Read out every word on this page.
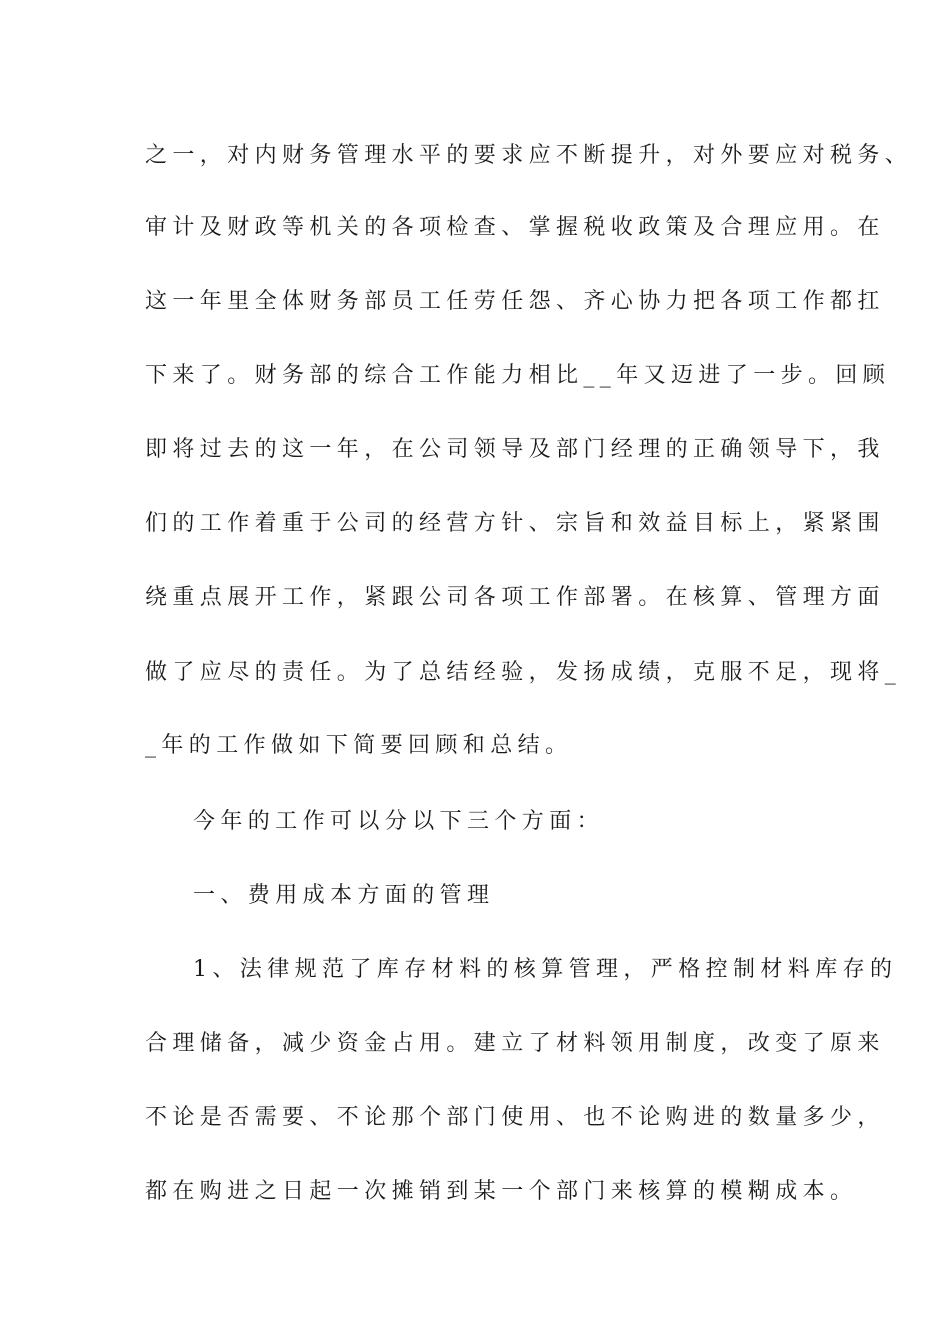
之一，对内财务管理水平的要求应不断提升，对外要应对税务、
审计及财政等机关的各项检查、掌握税收政策及合理应用。在
这一年里全体财务部员工任劳任怨、齐心协力把各项工作都扛
下来了。财务部的综合工作能力相比__年又迈进了一步。回顾
即将过去的这一年，在公司领导及部门经理的正确领导下，我
们的工作着重于公司的经营方针、宗旨和效益目标上，紧紧围
绕重点展开工作，紧跟公司各项工作部署。在核算、管理方面
做了应尽的责任。为了总结经验，发扬成绩，克服不足，现将_
_年的工作做如下简要回顾和总结。
今年的工作可以分以下三个方面：
一、费用成本方面的管理
1、法律规范了库存材料的核算管理，严格控制材料库存的
合理储备，减少资金占用。建立了材料领用制度，改变了原来
不论是否需要、不论那个部门使用、也不论购进的数量多少，
都在购进之日起一次摊销到某一个部门来核算的模糊成本。
